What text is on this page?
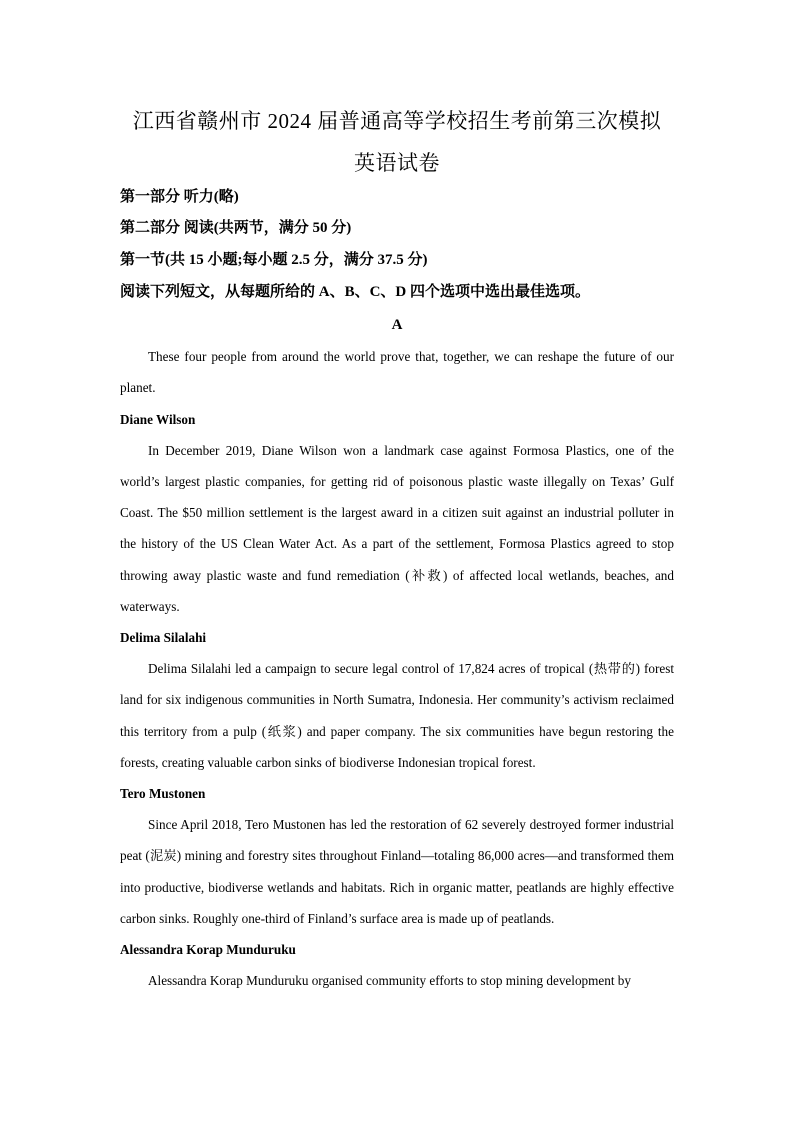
江西省赣州市 2024 届普通高等学校招生考前第三次模拟
英语试卷
第一部分 听力(略)
第二部分 阅读(共两节，满分 50 分)
第一节(共 15 小题;每小题 2.5 分，满分 37.5 分)
阅读下列短文，从每题所给的 A、B、C、D 四个选项中选出最佳选项。
A

These four people from around the world prove that, together, we can reshape the future of our planet.

Diane Wilson

In December 2019, Diane Wilson won a landmark case against Formosa Plastics, one of the world’s largest plastic companies, for getting rid of poisonous plastic waste illegally on Texas’ Gulf Coast. The $50 million settlement is the largest award in a citizen suit against an industrial polluter in the history of the US Clean Water Act. As a part of the settlement, Formosa Plastics agreed to stop throwing away plastic waste and fund remediation (补救) of affected local wetlands, beaches, and waterways.

Delima Silalahi

Delima Silalahi led a campaign to secure legal control of 17,824 acres of tropical (热带的) forest land for six indigenous communities in North Sumatra, Indonesia. Her community’s activism reclaimed this territory from a pulp (纸浆) and paper company. The six communities have begun restoring the forests, creating valuable carbon sinks of biodiverse Indonesian tropical forest.

Tero Mustonen

Since April 2018, Tero Mustonen has led the restoration of 62 severely destroyed former industrial peat (泥炭) mining and forestry sites throughout Finland—totaling 86,000 acres—and transformed them into productive, biodiverse wetlands and habitats. Rich in organic matter, peatlands are highly effective carbon sinks. Roughly one-third of Finland’s surface area is made up of peatlands.

Alessandra Korap Munduruku

Alessandra Korap Munduruku organised community efforts to stop mining development by
